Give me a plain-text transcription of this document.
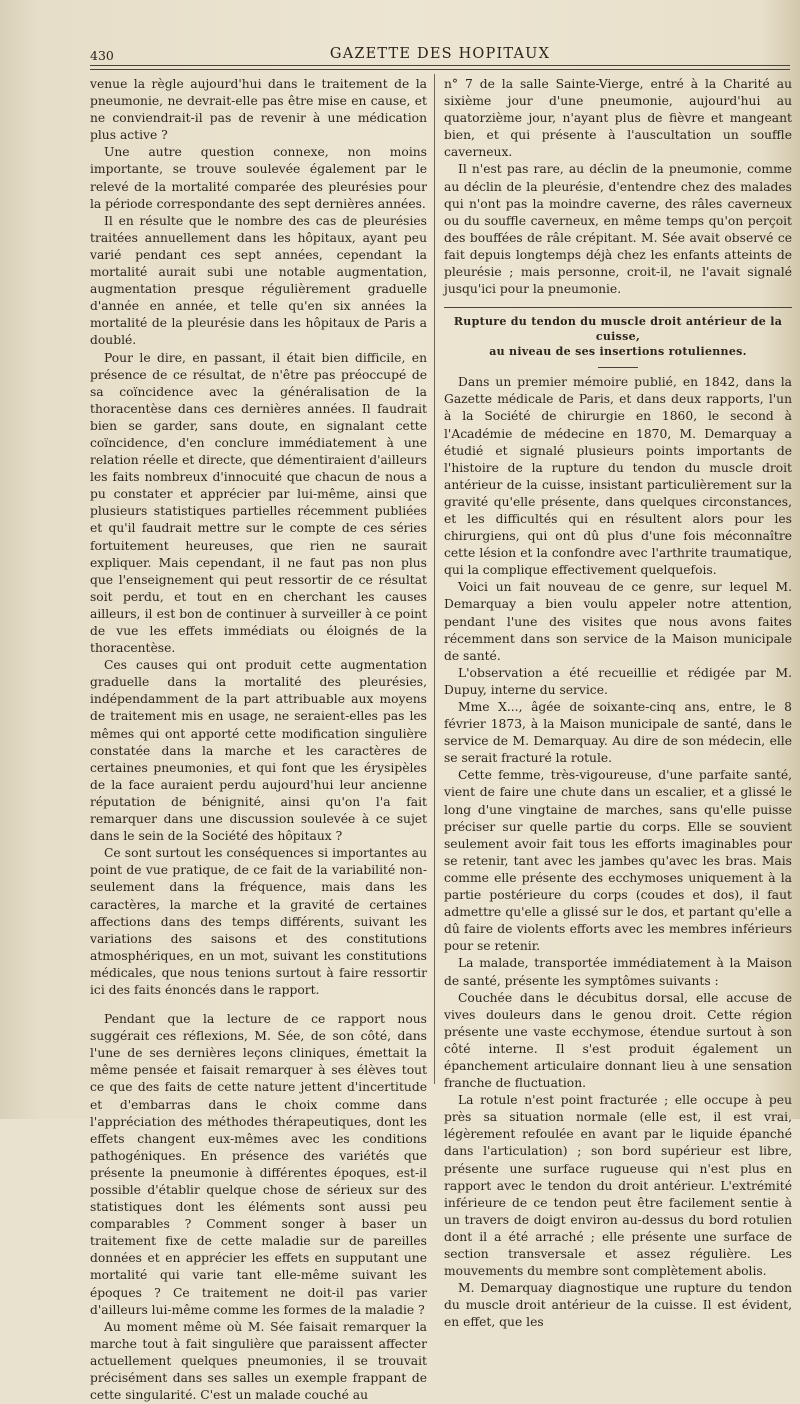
430	GAZETTE DES HOPITAUX

venue la règle aujourd'hui dans le traitement de la pneumonie, ne devrait-elle pas être mise en cause, et ne conviendrait-il pas de revenir à une médication plus active ?

Une autre question connexe, non moins importante, se trouve soulevée également par le relevé de la mortalité comparée des pleurésies pour la période correspondante des sept dernières années.

Il en résulte que le nombre des cas de pleurésies traitées annuellement dans les hôpitaux, ayant peu varié pendant ces sept années, cependant la mortalité aurait subi une notable augmentation, augmentation presque régulièrement graduelle d'année en année, et telle qu'en six années la mortalité de la pleurésie dans les hôpitaux de Paris a doublé.

Pour le dire, en passant, il était bien difficile, en présence de ce résultat, de n'être pas préoccupé de sa coïncidence avec la généralisation de la thoracentèse dans ces dernières années. Il faudrait bien se garder, sans doute, en signalant cette coïncidence, d'en conclure immédiatement à une relation réelle et directe, que démentiraient d'ailleurs les faits nombreux d'innocuité que chacun de nous a pu constater et apprécier par lui-même, ainsi que plusieurs statistiques partielles récemment publiées et qu'il faudrait mettre sur le compte de ces séries fortuitement heureuses, que rien ne saurait expliquer. Mais cependant, il ne faut pas non plus que l'enseignement qui peut ressortir de ce résultat soit perdu, et tout en en cherchant les causes ailleurs, il est bon de continuer à surveiller à ce point de vue les effets immédiats ou éloignés de la thoracentèse.

Ces causes qui ont produit cette augmentation graduelle dans la mortalité des pleurésies, indépendamment de la part attribuable aux moyens de traitement mis en usage, ne seraient-elles pas les mêmes qui ont apporté cette modification singulière constatée dans la marche et les caractères de certaines pneumonies, et qui font que les érysipèles de la face auraient perdu aujourd'hui leur ancienne réputation de bénignité, ainsi qu'on l'a fait remarquer dans une discussion soulevée à ce sujet dans le sein de la Société des hôpitaux ?

Ce sont surtout les conséquences si importantes au point de vue pratique, de ce fait de la variabilité non-seulement dans la fréquence, mais dans les caractères, la marche et la gravité de certaines affections dans des temps différents, suivant les variations des saisons et des constitutions atmosphériques, en un mot, suivant les constitutions médicales, que nous tenions surtout à faire ressortir ici des faits énoncés dans le rapport.

Pendant que la lecture de ce rapport nous suggérait ces réflexions, M. Sée, de son côté, dans l'une de ses dernières leçons cliniques, émettait la même pensée et faisait remarquer à ses élèves tout ce que des faits de cette nature jettent d'incertitude et d'embarras dans le choix comme dans l'appréciation des méthodes thérapeutiques, dont les effets changent eux-mêmes avec les conditions pathogéniques. En présence des variétés que présente la pneumonie à différentes époques, est-il possible d'établir quelque chose de sérieux sur des statistiques dont les éléments sont aussi peu comparables ? Comment songer à baser un traitement fixe de cette maladie sur de pareilles données et en apprécier les effets en supputant une mortalité qui varie tant elle-même suivant les époques ? Ce traitement ne doit-il pas varier d'ailleurs lui-même comme les formes de la maladie ?

Au moment même où M. Sée faisait remarquer la marche tout à fait singulière que paraissent affecter actuellement quelques pneumonies, il se trouvait précisément dans ses salles un exemple frappant de cette singularité. C'est un malade couché au

n° 7 de la salle Sainte-Vierge, entré à la Charité au sixième jour d'une pneumonie, aujourd'hui au quatorzième jour, n'ayant plus de fièvre et mangeant bien, et qui présente à l'auscultation un souffle caverneux.

Il n'est pas rare, au déclin de la pneumonie, comme au déclin de la pleurésie, d'entendre chez des malades qui n'ont pas la moindre caverne, des râles caverneux ou du souffle caverneux, en même temps qu'on perçoit des bouffées de râle crépitant. M. Sée avait observé ce fait depuis longtemps déjà chez les enfants atteints de pleurésie ; mais personne, croit-il, ne l'avait signalé jusqu'ici pour la pneumonie.

Rupture du tendon du muscle droit antérieur de la cuisse,
au niveau de ses insertions rotuliennes.

Dans un premier mémoire publié, en 1842, dans la Gazette médicale de Paris, et dans deux rapports, l'un à la Société de chirurgie en 1860, le second à l'Académie de médecine en 1870, M. Demarquay a étudié et signalé plusieurs points importants de l'histoire de la rupture du tendon du muscle droit antérieur de la cuisse, insistant particulièrement sur la gravité qu'elle présente, dans quelques circonstances, et les difficultés qui en résultent alors pour les chirurgiens, qui ont dû plus d'une fois méconnaître cette lésion et la confondre avec l'arthrite traumatique, qui la complique effectivement quelquefois.

Voici un fait nouveau de ce genre, sur lequel M. Demarquay a bien voulu appeler notre attention, pendant l'une des visites que nous avons faites récemment dans son service de la Maison municipale de santé.

L'observation a été recueillie et rédigée par M. Dupuy, interne du service.

Mme X..., âgée de soixante-cinq ans, entre, le 8 février 1873, à la Maison municipale de santé, dans le service de M. Demarquay. Au dire de son médecin, elle se serait fracturé la rotule.

Cette femme, très-vigoureuse, d'une parfaite santé, vient de faire une chute dans un escalier, et a glissé le long d'une vingtaine de marches, sans qu'elle puisse préciser sur quelle partie du corps. Elle se souvient seulement avoir fait tous les efforts imaginables pour se retenir, tant avec les jambes qu'avec les bras. Mais comme elle présente des ecchymoses uniquement à la partie postérieure du corps (coudes et dos), il faut admettre qu'elle a glissé sur le dos, et partant qu'elle a dû faire de violents efforts avec les membres inférieurs pour se retenir.

La malade, transportée immédiatement à la Maison de santé, présente les symptômes suivants :

Couchée dans le décubitus dorsal, elle accuse de vives douleurs dans le genou droit. Cette région présente une vaste ecchymose, étendue surtout à son côté interne. Il s'est produit également un épanchement articulaire donnant lieu à une sensation franche de fluctuation.

La rotule n'est point fracturée ; elle occupe à peu près sa situation normale (elle est, il est vrai, légèrement refoulée en avant par le liquide épanché dans l'articulation) ; son bord supérieur est libre, présente une surface rugueuse qui n'est plus en rapport avec le tendon du droit antérieur. L'extrémité inférieure de ce tendon peut être facilement sentie à un travers de doigt environ au-dessus du bord rotulien dont il a été arraché ; elle présente une surface de section transversale et assez régulière. Les mouvements du membre sont complètement abolis.

M. Demarquay diagnostique une rupture du tendon du muscle droit antérieur de la cuisse. Il est évident, en effet, que les
